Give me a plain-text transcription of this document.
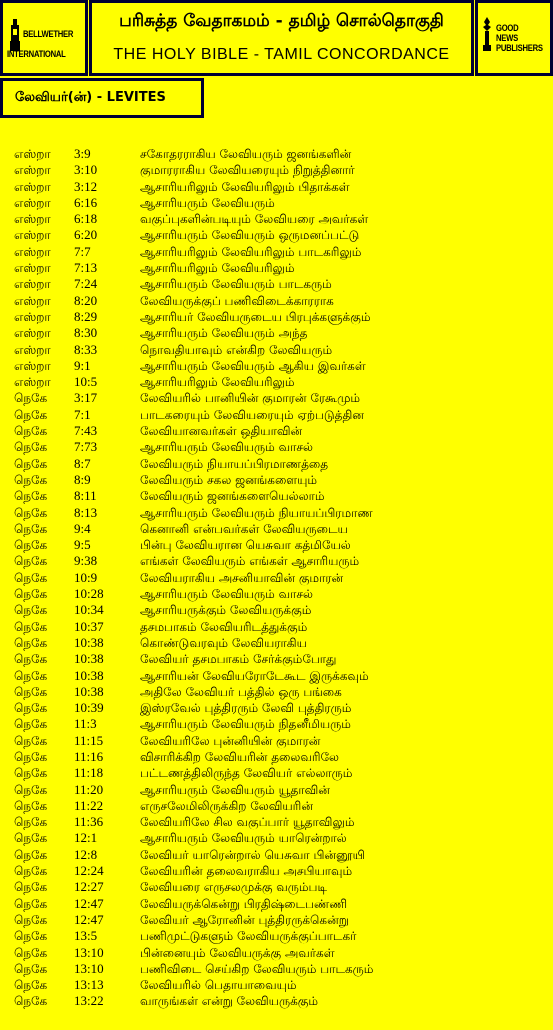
BELLWETHER
INTERNATIONAL
பரிசுத்த வேதாகமம் - தமிழ் சொல்தொகுதி
THE HOLY BIBLE - TAMIL CONCORDANCE
GOOD NEWS
PUBLISHERS
லேவியர்(ன்) - LEVITES
எஸ்றா 3:9	சகோதரராகிய லேவியரும் ஜனங்களின்
எஸ்றா 3:10	குமாரராகிய லேவியரையும் நிறுத்தினார்
எஸ்றா 3:12	ஆசாரியரிலும் லேவியரிலும் பிதாக்கள்
எஸ்றா 6:16	ஆசாரியரும் லேவியரும்
எஸ்றா 6:18	வகுப்புகளின்படியும் லேவியரை அவர்கள்
எஸ்றா 6:20	ஆசாரியரும் லேவியரும் ஒருமனப்பட்டு
எஸ்றா 7:7	ஆசாரியரிலும் லேவியரிலும் பாடகரிலும்
எஸ்றா 7:13	ஆசாரியரிலும் லேவியரிலும்
எஸ்றா 7:24	ஆசாரியரும் லேவியரும் பாடகரும்
எஸ்றா 8:20	லேவியருக்குப் பணிவிடைக்காரராக
எஸ்றா 8:29	ஆசாரியர் லேவியருடைய பிரபுக்களுக்கும்
எஸ்றா 8:30	ஆசாரியரும் லேவியரும் அந்த
எஸ்றா 8:33	நொவதியாவும் என்கிற லேவியரும்
எஸ்றா 9:1	ஆசாரியரும் லேவியரும் ஆகிய இவர்கள்
எஸ்றா 10:5	ஆசாரியரிலும் லேவியரிலும்
நெகே 3:17	லேவியரில் பானியின் குமாரன் ரேகூமும்
நெகே 7:1	பாடகரையும் லேவியரையும் ஏற்படுத்தின
நெகே 7:43	லேவியானவர்கள் ஒதியாவின்
நெகே 7:73	ஆசாரியரும் லேவியரும் வாசல்
நெகே 8:7	லேவியரும் நியாயப்பிரமாணத்தை
நெகே 8:9	லேவியரும் சகல ஜனங்களையும்
நெகே 8:11	லேவியரும் ஜனங்களையெல்லாம்
நெகே 8:13	ஆசாரியரும் லேவியரும் நியாயப்பிரமாண
நெகே 9:4	கெனானி என்பவர்கள் லேவியருடைய
நெகே 9:5	பின்பு லேவியரான யெசுவா கத்மியேல்
நெகே 9:38	எங்கள் லேவியரும் எங்கள் ஆசாரியரும்
நெகே 10:9	லேவியராகிய அசனியாவின் குமாரன்
நெகே 10:28	ஆசாரியரும் லேவியரும் வாசல்
நெகே 10:34	ஆசாரியருக்கும் லேவியருக்கும்
நெகே 10:37	தசமபாகம் லேவியரிடத்துக்கும்
நெகே 10:38	கொண்டுவரவும் லேவியராகிய
நெகே 10:38	லேவியர் தசமபாகம் சேர்க்கும்போது
நெகே 10:38	ஆசாரியன் லேவியரோடேகூட இருக்கவும்
நெகே 10:38	அதிலே லேவியர் பத்தில் ஒரு பங்கை
நெகே 10:39	இஸ்ரவேல் புத்திரரும் லேவி புத்திரரும்
நெகே 11:3	ஆசாரியரும் லேவியரும் நிதனீமியரும்
நெகே 11:15	லேவியரிலே புன்னியின் குமாரன்
நெகே 11:16	விசாரிக்கிற லேவியரின் தலைவரிலே
நெகே 11:18	பட்டணத்திலிருந்த லேவியர் எல்லாரும்
நெகே 11:20	ஆசாரியரும் லேவியரும் யூதாவின்
நெகே 11:22	எருசலேமிலிருக்கிற லேவியரின்
நெகே 11:36	லேவியரிலே சில வகுப்பார் யூதாவிலும்
நெகே 12:1	ஆசாரியரும் லேவியரும் யாரென்றால்
நெகே 12:8	லேவியர் யாரென்றால் யெசுவா பின்னூயி
நெகே 12:24	லேவியரின் தலைவராகிய அசபியாவும்
நெகே 12:27	லேவியரை எருசலமுக்கு வரும்படி
நெகே 12:47	லேவியருக்கென்று பிரதிஷ்டைபண்ணி
நெகே 12:47	லேவியர் ஆரோனின் புத்திரருக்கென்று
நெகே 13:5	பணிமுட்டுகளும் லேவியருக்குப்பாடகர்
நெகே 13:10	பின்னையும் லேவியருக்கு அவர்கள்
நெகே 13:10	பணிவிடை செய்கிற லேவியரும் பாடகரும்
நெகே 13:13	லேவியரில் பெதாயாவையும்
நெகே 13:22	வாருங்கள் என்று லேவியருக்கும்
